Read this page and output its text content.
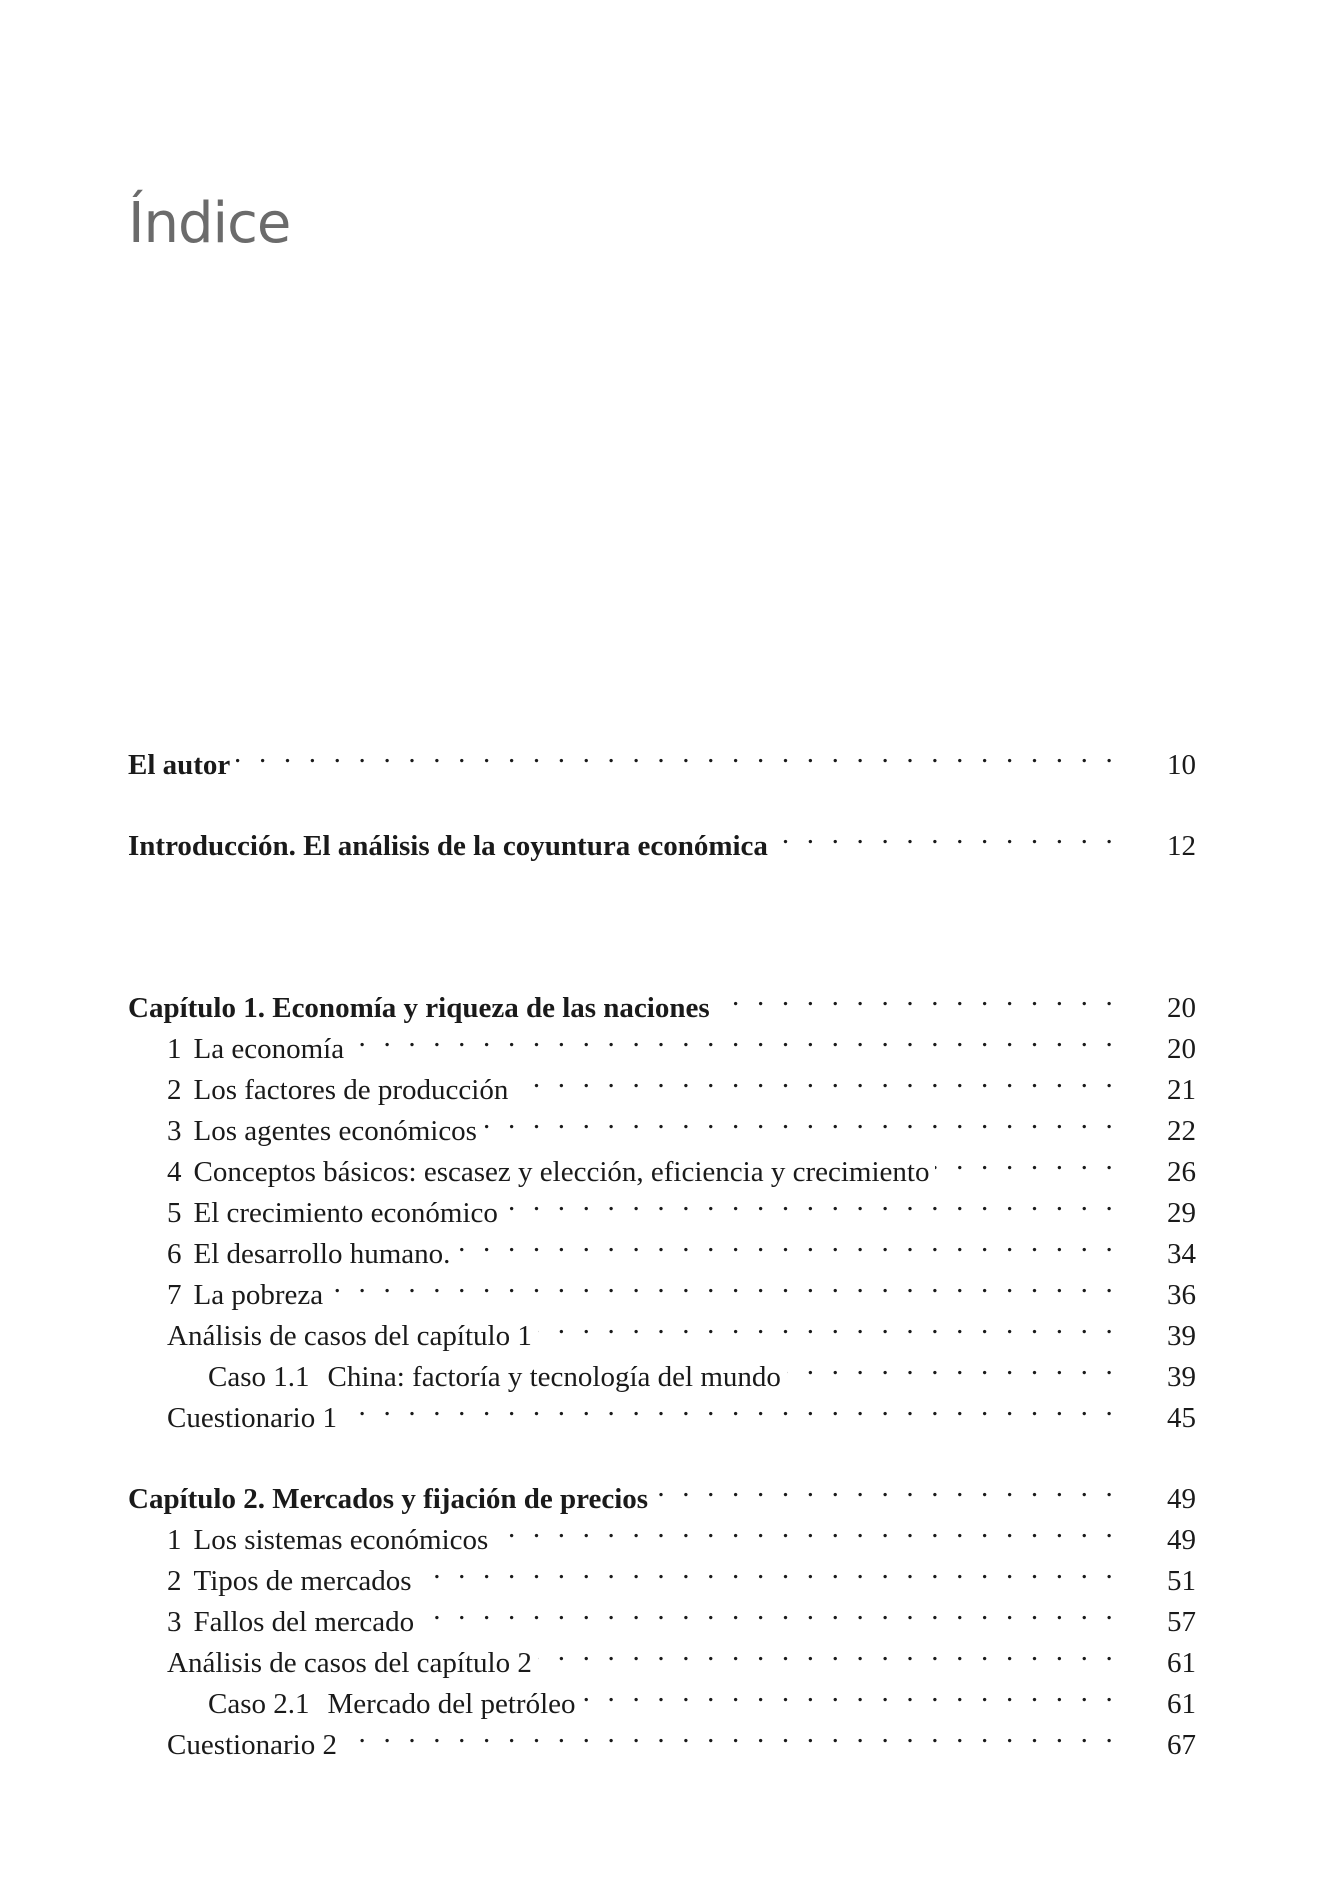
Índice
El autor . . .	10
Introducción. El análisis de la coyuntura económica . . .	12
Capítulo 1. Economía y riqueza de las naciones . . .	20
1 La economía . . .	20
2 Los factores de producción . . .	21
3 Los agentes económicos . . .	22
4 Conceptos básicos: escasez y elección, eficiencia y crecimiento . . .	26
5 El crecimiento económico . . .	29
6 El desarrollo humano. . . .	34
7 La pobreza . . .	36
Análisis de casos del capítulo 1 . . .	39
Caso 1.1 China: factoría y tecnología del mundo . . .	39
Cuestionario 1 . . .	45
Capítulo 2. Mercados y fijación de precios . . .	49
1 Los sistemas económicos . . .	49
2 Tipos de mercados . . .	51
3 Fallos del mercado . . .	57
Análisis de casos del capítulo 2 . . .	61
Caso 2.1 Mercado del petróleo . . .	61
Cuestionario 2 . . .	67
